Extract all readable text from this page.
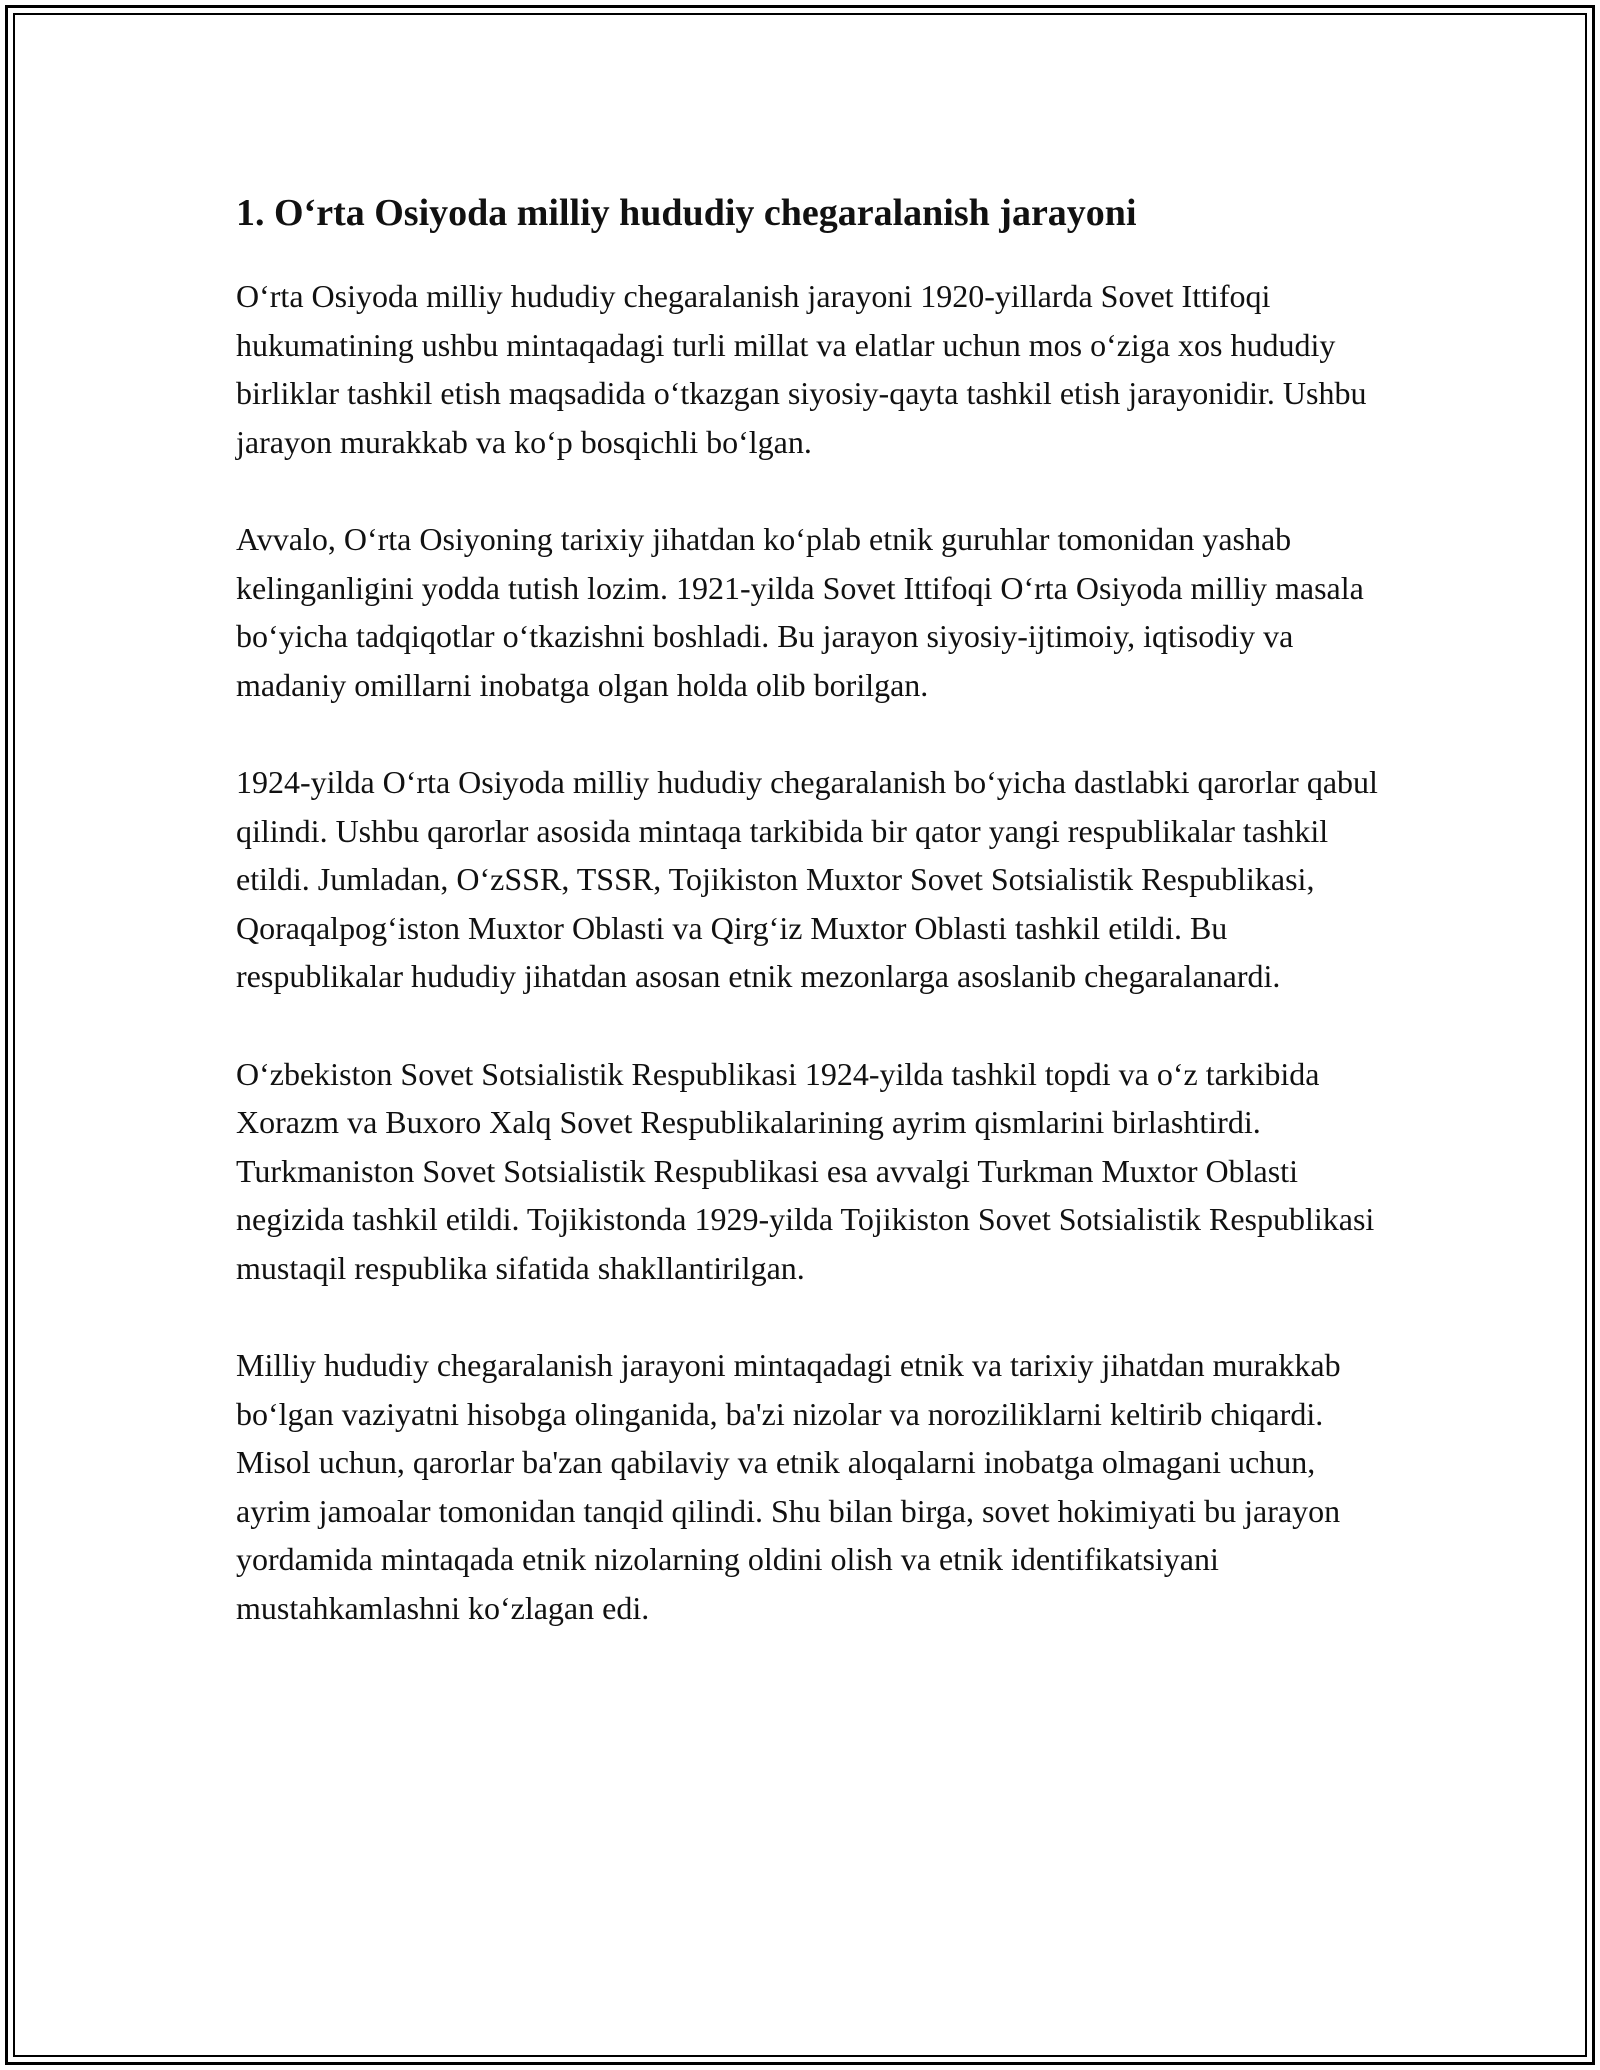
1. O‘rta Osiyoda milliy hududiy chegaralanish jarayoni

O‘rta Osiyoda milliy hududiy chegaralanish jarayoni 1920-yillarda Sovet Ittifoqi hukumatining ushbu mintaqadagi turli millat va elatlar uchun mos o‘ziga xos hududiy birliklar tashkil etish maqsadida o‘tkazgan siyosiy-qayta tashkil etish jarayonidir. Ushbu jarayon murakkab va ko‘p bosqichli bo‘lgan.

Avvalo, O‘rta Osiyoning tarixiy jihatdan ko‘plab etnik guruhlar tomonidan yashab kelinganligini yodda tutish lozim. 1921-yilda Sovet Ittifoqi O‘rta Osiyoda milliy masala bo‘yicha tadqiqotlar o‘tkazishni boshladi. Bu jarayon siyosiy-ijtimoiy, iqtisodiy va madaniy omillarni inobatga olgan holda olib borilgan.

1924-yilda O‘rta Osiyoda milliy hududiy chegaralanish bo‘yicha dastlabki qarorlar qabul qilindi. Ushbu qarorlar asosida mintaqa tarkibida bir qator yangi respublikalar tashkil etildi. Jumladan, O‘zSSR, TSSR, Tojikiston Muxtor Sovet Sotsialistik Respublikasi, Qoraqalpog‘iston Muxtor Oblasti va Qirg‘iz Muxtor Oblasti tashkil etildi. Bu respublikalar hududiy jihatdan asosan etnik mezonlarga asoslanib chegaralanardi.

O‘zbekiston Sovet Sotsialistik Respublikasi 1924-yilda tashkil topdi va o‘z tarkibida Xorazm va Buxoro Xalq Sovet Respublikalarining ayrim qismlarini birlashtirdi. Turkmaniston Sovet Sotsialistik Respublikasi esa avvalgi Turkman Muxtor Oblasti negizida tashkil etildi. Tojikistonda 1929-yilda Tojikiston Sovet Sotsialistik Respublikasi mustaqil respublika sifatida shakllantirilgan.

Milliy hududiy chegaralanish jarayoni mintaqadagi etnik va tarixiy jihatdan murakkab bo‘lgan vaziyatni hisobga olinganida, ba'zi nizolar va noroziliklarni keltirib chiqardi. Misol uchun, qarorlar ba'zan qabilaviy va etnik aloqalarni inobatga olmagani uchun, ayrim jamoalar tomonidan tanqid qilindi. Shu bilan birga, sovet hokimiyati bu jarayon yordamida mintaqada etnik nizolarning oldini olish va etnik identifikatsiyani mustahkamlashni ko‘zlagan edi.
